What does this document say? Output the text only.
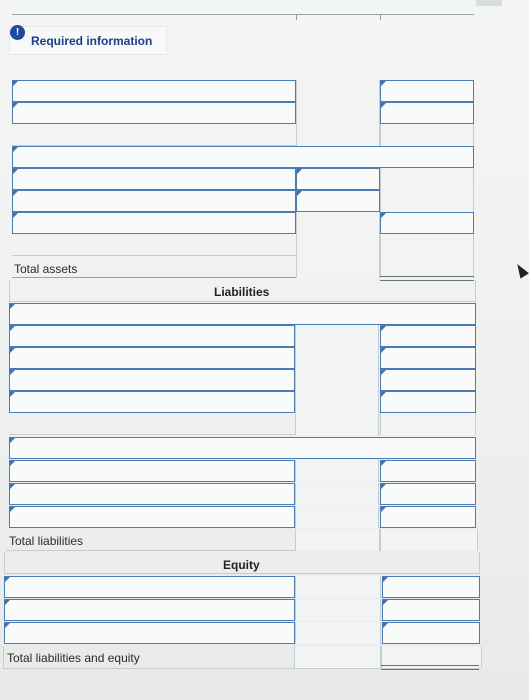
!
Required information
Total assets
Liabilities
Total liabilities
Equity
Total liabilities and equity
